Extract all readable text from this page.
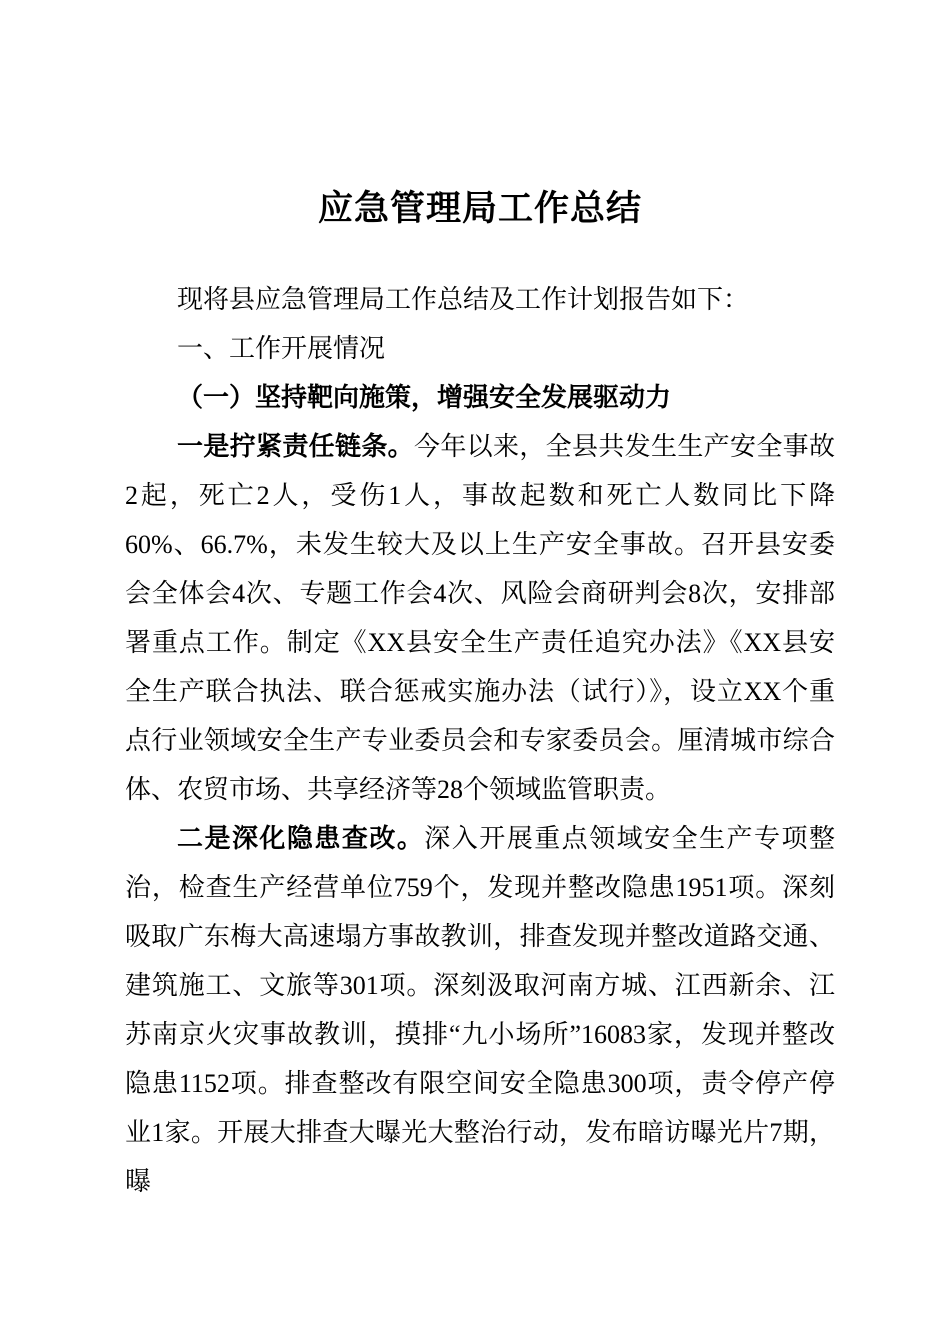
应急管理局工作总结

现将县应急管理局工作总结及工作计划报告如下：

一、工作开展情况
（一）坚持靶向施策，增强安全发展驱动力

一是拧紧责任链条。今年以来，全县共发生生产安全事故2起，死亡2人，受伤1人，事故起数和死亡人数同比下降60%、66.7%，未发生较大及以上生产安全事故。召开县安委会全体会4次、专题工作会4次、风险会商研判会8次，安排部署重点工作。制定《XX县安全生产责任追究办法》《XX县安全生产联合执法、联合惩戒实施办法（试行）》，设立XX个重点行业领域安全生产专业委员会和专家委员会。厘清城市综合体、农贸市场、共享经济等28个领域监管职责。

二是深化隐患查改。深入开展重点领域安全生产专项整治，检查生产经营单位759个，发现并整改隐患1951项。深刻吸取广东梅大高速塌方事故教训，排查发现并整改道路交通、建筑施工、文旅等301项。深刻汲取河南方城、江西新余、江苏南京火灾事故教训，摸排“九小场所”16083家，发现并整改隐患1152项。排查整改有限空间安全隐患300项，责令停产停业1家。开展大排查大曝光大整治行动，发布暗访曝光片7期，曝
